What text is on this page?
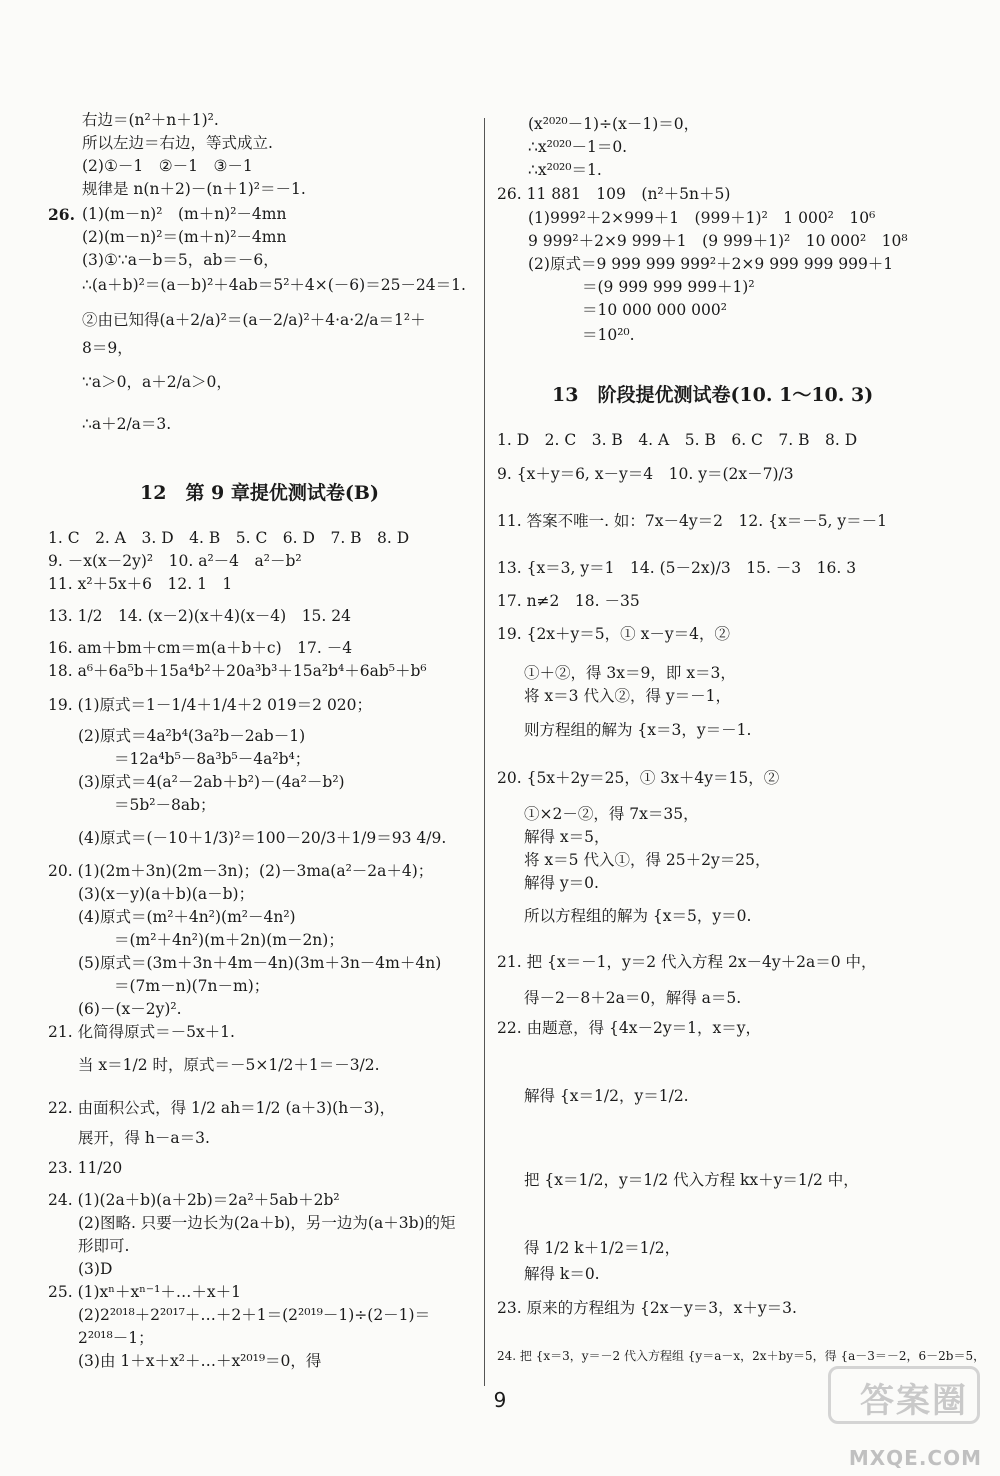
12　第 9 章提优测试卷(B)
13　阶段提优测试卷(10. 1～10. 3)
9	答案圈
MXQE.COM
右边＝(n²＋n＋1)².
所以左边＝右边，等式成立.
(2)①－1　②－1　③－1
规律是 n(n＋2)－(n＋1)²＝－1.
(1)(m－n)²　(m＋n)²－4mn
26.
(2)(m－n)²＝(m＋n)²－4mn
(3)①∵a－b＝5，ab＝－6，
∴(a＋b)²＝(a－b)²＋4ab＝5²＋4×(－6)＝25－24＝1.
②由已知得(a＋2/a)²＝(a－2/a)²＋4·a·2/a＝1²＋
8＝9，
∵a＞0，a＋2/a＞0，
∴a＋2/a＝3.
1. C　2. A　3. D　4. B　5. C　6. D　7. B　8. D
9. －x(x－2y)²　10. a²－4　a²－b²
11. x²＋5x＋6　12. 1　1
13. 1/2　14. (x－2)(x＋4)(x－4)　15. 24
16. am＋bm＋cm＝m(a＋b＋c)　17. －4
18. a⁶＋6a⁵b＋15a⁴b²＋20a³b³＋15a²b⁴＋6ab⁵＋b⁶
19. (1)原式＝1－1/4＋1/4＋2 019＝2 020；
(2)原式＝4a²b⁴(3a²b－2ab－1)
＝12a⁴b⁵－8a³b⁵－4a²b⁴；
(3)原式＝4(a²－2ab＋b²)－(4a²－b²)
＝5b²－8ab；
(4)原式＝(－10＋1/3)²＝100－20/3＋1/9＝93 4/9.
20. (1)(2m＋3n)(2m－3n)；(2)－3ma(a²－2a＋4)；
(3)(x－y)(a＋b)(a－b)；
(4)原式＝(m²＋4n²)(m²－4n²)
＝(m²＋4n²)(m＋2n)(m－2n)；
(5)原式＝(3m＋3n＋4m－4n)(3m＋3n－4m＋4n)
＝(7m－n)(7n－m)；
(6)－(x－2y)².
21. 化简得原式＝－5x＋1.
当 x＝1/2 时，原式＝－5×1/2＋1＝－3/2.
22. 由面积公式，得 1/2 ah＝1/2 (a＋3)(h－3)，
展开，得 h－a＝3.
23. 11/20
24. (1)(2a＋b)(a＋2b)＝2a²＋5ab＋2b²
(2)图略. 只要一边长为(2a＋b)，另一边为(a＋3b)的矩
形即可.
(3)D
25. (1)xⁿ＋xⁿ⁻¹＋…＋x＋1
(2)2²⁰¹⁸＋2²⁰¹⁷＋…＋2＋1＝(2²⁰¹⁹－1)÷(2－1)＝
2²⁰¹⁸－1；
(3)由 1＋x＋x²＋…＋x²⁰¹⁹＝0，得
(x²⁰²⁰－1)÷(x－1)＝0，
∴x²⁰²⁰－1＝0.
∴x²⁰²⁰＝1.
26. 11 881　109　(n²＋5n＋5)
(1)999²＋2×999＋1　(999＋1)²　1 000²　10⁶
9 999²＋2×9 999＋1　(9 999＋1)²　10 000²　10⁸
(2)原式＝9 999 999 999²＋2×9 999 999 999＋1
＝(9 999 999 999＋1)²
＝10 000 000 000²
＝10²⁰.
1. D　2. C　3. B　4. A　5. B　6. C　7. B　8. D
9. {x＋y＝6, x－y＝4　10. y＝(2x－7)/3
11. 答案不唯一. 如：7x－4y＝2　12. {x＝－5, y＝－1
13. {x＝3, y＝1　14. (5－2x)/3　15. －3　16. 3
17. n≠2　18. －35
19. {2x＋y＝5，① x－y＝4，②
①＋②，得 3x＝9，即 x＝3，
将 x＝3 代入②，得 y＝－1，
则方程组的解为 {x＝3，y＝－1.
20. {5x＋2y＝25，① 3x＋4y＝15，②
①×2－②，得 7x＝35，
解得 x＝5，
将 x＝5 代入①，得 25＋2y＝25，
解得 y＝0.
所以方程组的解为 {x＝5，y＝0.
21. 把 {x＝－1，y＝2 代入方程 2x－4y＋2a＝0 中，
得－2－8＋2a＝0，解得 a＝5.
22. 由题意，得 {4x－2y＝1，x＝y，
解得 {x＝1/2，y＝1/2.
把 {x＝1/2，y＝1/2 代入方程 kx＋y＝1/2 中，
得 1/2 k＋1/2＝1/2，
解得 k＝0.
23. 原来的方程组为 {2x－y＝3，x＋y＝3.
24. 把 {x＝3，y＝－2 代入方程组 {y＝a－x，2x＋by＝5，得 {a－3＝－2，6－2b＝5，
